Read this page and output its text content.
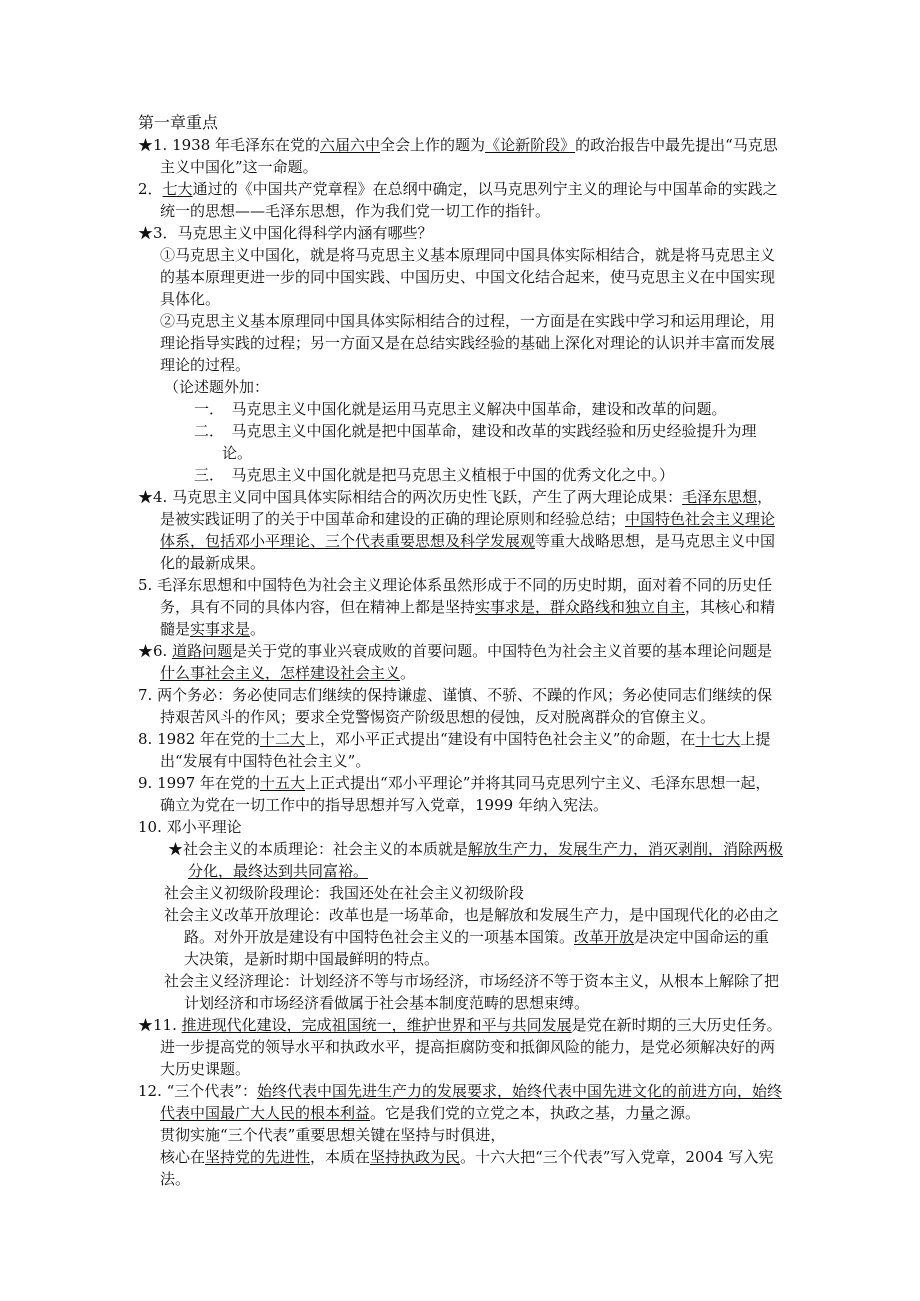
第一章重点
★1. 1938 年毛泽东在党的六届六中全会上作的题为《论新阶段》的政治报告中最先提出“马克思主义中国化”这一命题。
2．七大通过的《中国共产党章程》在总纲中确定，以马克思列宁主义的理论与中国革命的实践之统一的思想——毛泽东思想，作为我们党一切工作的指针。
★3．马克思主义中国化得科学内涵有哪些？
①马克思主义中国化，就是将马克思主义基本原理同中国具体实际相结合，就是将马克思主义的基本原理更进一步的同中国实践、中国历史、中国文化结合起来，使马克思主义在中国实现具体化。
②马克思主义基本原理同中国具体实际相结合的过程，一方面是在实践中学习和运用理论，用理论指导实践的过程；另一方面又是在总结实践经验的基础上深化对理论的认识并丰富而发展理论的过程。
（论述题外加：
一．　马克思主义中国化就是运用马克思主义解决中国革命，建设和改革的问题。
二．　马克思主义中国化就是把中国革命，建设和改革的实践经验和历史经验提升为理论。
三．　马克思主义中国化就是把马克思主义植根于中国的优秀文化之中。）
★4. 马克思主义同中国具体实际相结合的两次历史性飞跃，产生了两大理论成果：毛泽东思想，是被实践证明了的关于中国革命和建设的正确的理论原则和经验总结；中国特色社会主义理论体系，包括邓小平理论、三个代表重要思想及科学发展观等重大战略思想，是马克思主义中国化的最新成果。
5. 毛泽东思想和中国特色为社会主义理论体系虽然形成于不同的历史时期，面对着不同的历史任务，具有不同的具体内容，但在精神上都是坚持实事求是，群众路线和独立自主，其核心和精髓是实事求是。
★6. 道路问题是关于党的事业兴衰成败的首要问题。中国特色为社会主义首要的基本理论问题是什么事社会主义，怎样建设社会主义。
7. 两个务必：务必使同志们继续的保持谦虚、谨慎、不骄、不躁的作风；务必使同志们继续的保持艰苦风斗的作风；要求全党警惕资产阶级思想的侵蚀，反对脱离群众的官僚主义。
8. 1982 年在党的十二大上，邓小平正式提出“建设有中国特色社会主义”的命题，在十七大上提出“发展有中国特色社会主义”。
9. 1997 年在党的十五大上正式提出“邓小平理论”并将其同马克思列宁主义、毛泽东思想一起，确立为党在一切工作中的指导思想并写入党章，1999 年纳入宪法。
10. 邓小平理论
★社会主义的本质理论：社会主义的本质就是解放生产力，发展生产力，消灭剥削，消除两极分化，最终达到共同富裕。
社会主义初级阶段理论：我国还处在社会主义初级阶段
社会主义改革开放理论：改革也是一场革命，也是解放和发展生产力，是中国现代化的必由之路。对外开放是建设有中国特色社会主义的一项基本国策。改革开放是决定中国命运的重大决策，是新时期中国最鲜明的特点。
社会主义经济理论：计划经济不等与市场经济，市场经济不等于资本主义，从根本上解除了把计划经济和市场经济看做属于社会基本制度范畴的思想束缚。
★11. 推进现代化建设，完成祖国统一，维护世界和平与共同发展是党在新时期的三大历史任务。进一步提高党的领导水平和执政水平，提高拒腐防变和抵御风险的能力，是党必须解决好的两大历史课题。
12. “三个代表”：始终代表中国先进生产力的发展要求，始终代表中国先进文化的前进方向，始终代表中国最广大人民的根本利益。它是我们党的立党之本，执政之基，力量之源。
贯彻实施“三个代表”重要思想关键在坚持与时俱进，
核心在坚持党的先进性，本质在坚持执政为民。十六大把“三个代表”写入党章，2004 写入宪法。
